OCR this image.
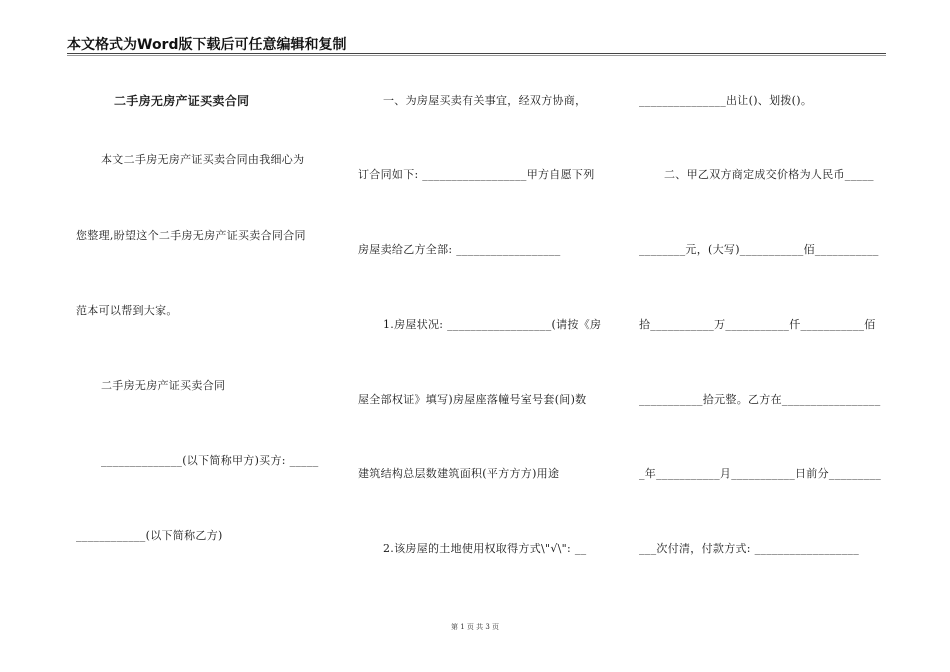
本文格式为Word版下载后可任意编辑和复制
二手房无房产证买卖合同
本文二手房无房产证买卖合同由我细心为
您整理,盼望这个二手房无房产证买卖合同合同
范本可以帮到大家。
二手房无房产证买卖合同
______________(以下简称甲方)买方: _____
____________(以下简称乙方)
一、为房屋买卖有关事宜，经双方协商，
订合同如下: __________________甲方自愿下列
房屋卖给乙方全部: __________________
1.房屋状况: __________________(请按《房
屋全部权证》填写)房屋座落幢号室号套(间)数
建筑结构总层数建筑面积(平方方方)用途
2.该房屋的土地使用权取得方式\"√\": __
_______________出让()、划拨()。
二、甲乙双方商定成交价格为人民币_____
________元，(大写)___________佰___________
拾___________万___________仟___________佰
___________拾元整。乙方在_________________
_年___________月___________日前分_________
___次付清，付款方式: __________________
第 1 页 共 3 页
